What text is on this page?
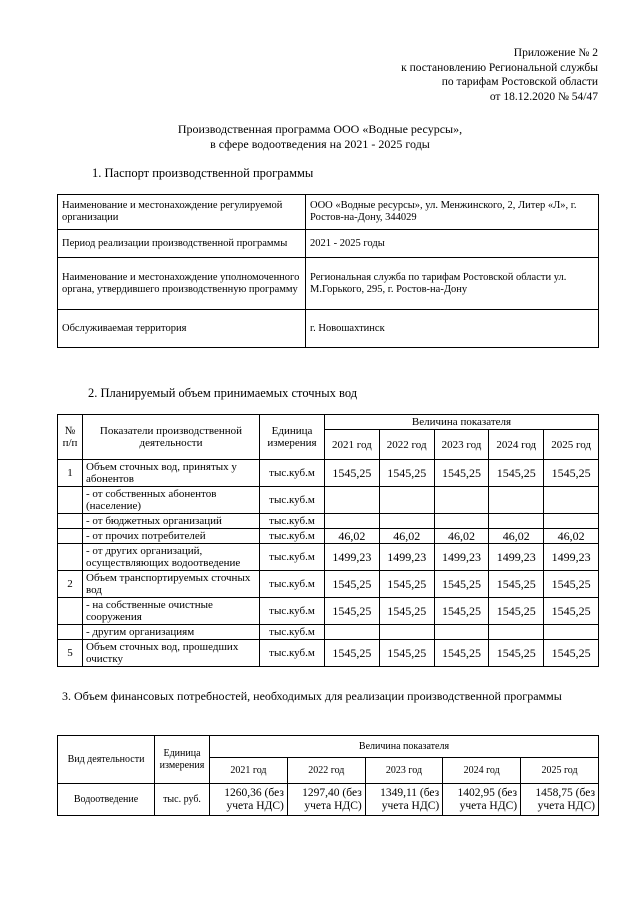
Приложение № 2
к постановлению Региональной службы
по тарифам Ростовской области
от 18.12.2020 № 54/47
Производственная программа ООО «Водные ресурсы»,
в сфере водоотведения на 2021 - 2025 годы
1. Паспорт производственной программы
Наименование и местонахождение регулируемой организации	ООО «Водные ресурсы», ул. Менжинского, 2, Литер «Л», г. Ростов-на-Дону, 344029
Период реализации производственной программы	2021 - 2025 годы
Наименование и местонахождение уполномоченного органа, утвердившего производственную программу	Региональная служба по тарифам Ростовской области ул. М.Горького, 295, г. Ростов-на-Дону
Обслуживаемая территория	г. Новошахтинск
2. Планируемый объем принимаемых сточных вод
№ п/п	Показатели производственной деятельности	Единица измерения	Величина показателя				
			2021 год	2022 год	2023 год	2024 год	2025 год
1	Объем сточных вод, принятых у абонентов	тыс.куб.м	1545,25	1545,25	1545,25	1545,25	1545,25
	- от собственных абонентов (население)	тыс.куб.м					
	- от бюджетных организаций	тыс.куб.м					
	- от прочих потребителей	тыс.куб.м	46,02	46,02	46,02	46,02	46,02
	- от других организаций, осуществляющих водоотведение	тыс.куб.м	1499,23	1499,23	1499,23	1499,23	1499,23
2	Объем транспортируемых сточных вод	тыс.куб.м	1545,25	1545,25	1545,25	1545,25	1545,25
	- на собственные очистные сооружения	тыс.куб.м	1545,25	1545,25	1545,25	1545,25	1545,25
	- другим организациям	тыс.куб.м					
5	Объем сточных вод, прошедших очистку	тыс.куб.м	1545,25	1545,25	1545,25	1545,25	1545,25
3. Объем финансовых потребностей, необходимых для реализации производственной программы
Вид деятельности	Единица измерения	Величина показателя				
		2021 год	2022 год	2023 год	2024 год	2025 год
Водоотведение	тыс. руб.	1260,36 (без учета НДС)	1297,40 (без учета НДС)	1349,11 (без учета НДС)	1402,95 (без учета НДС)	1458,75 (без учета НДС)
